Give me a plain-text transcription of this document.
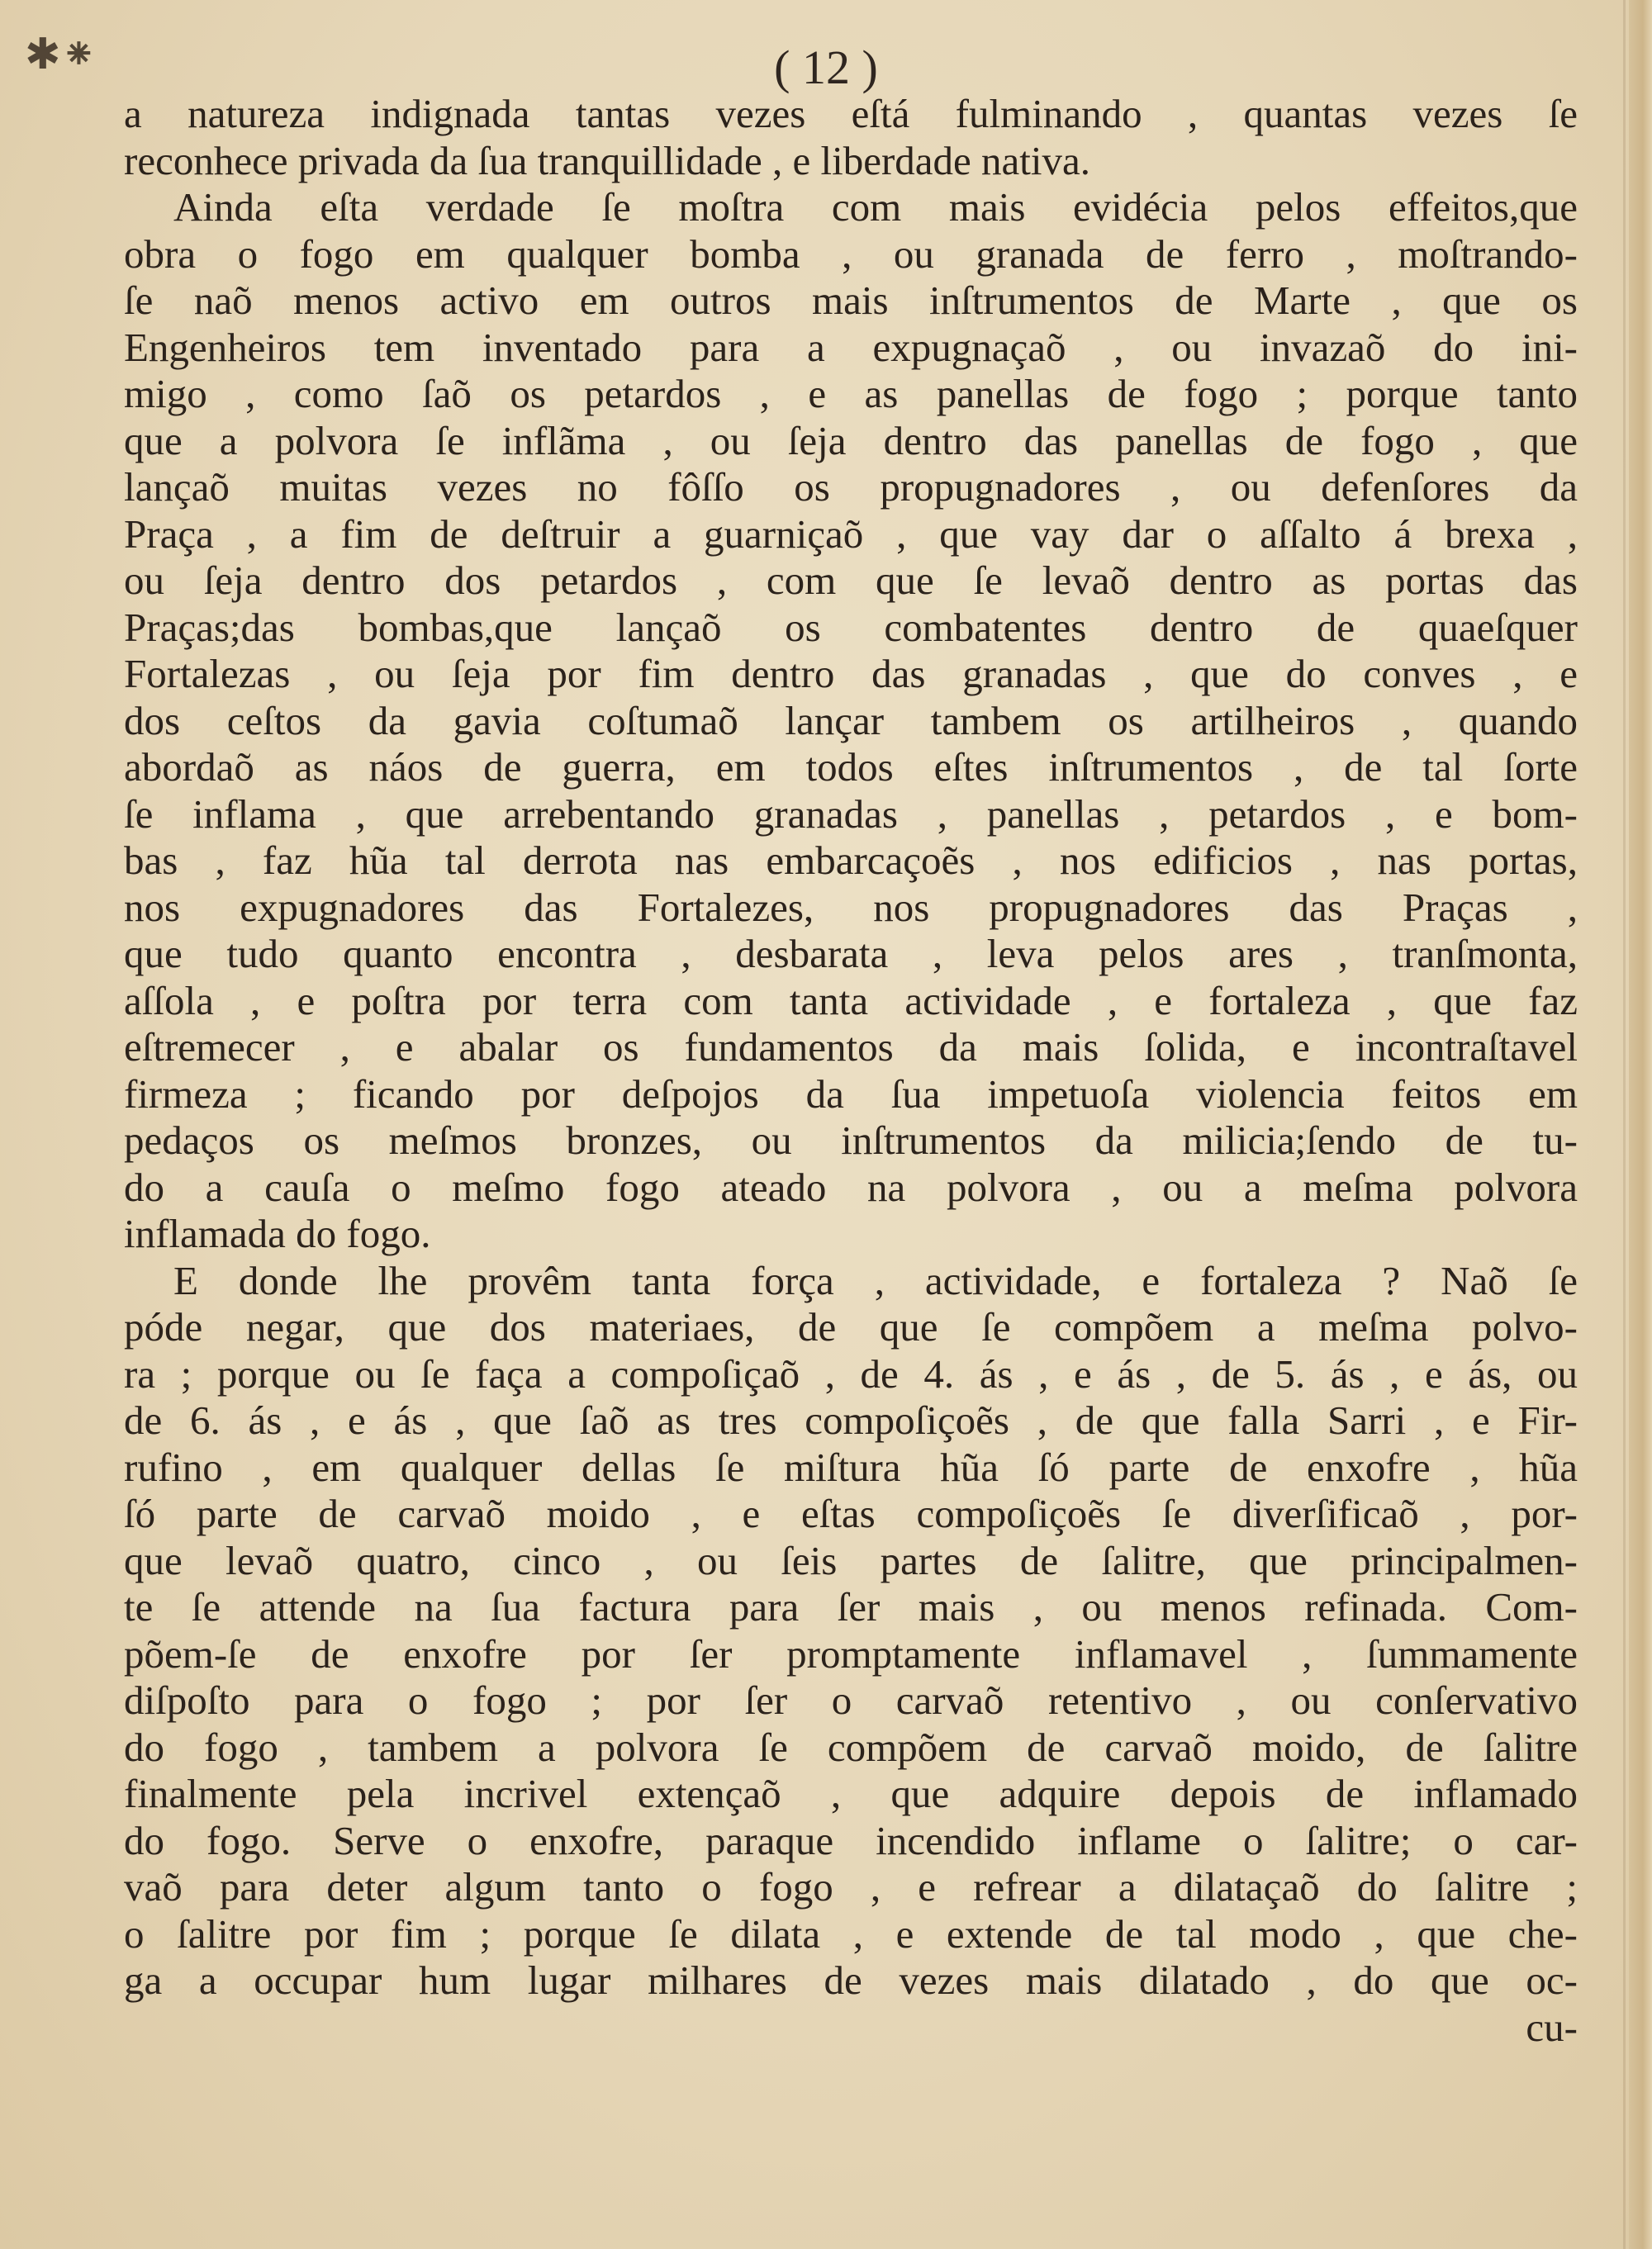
✱⁕	( 12 )
a natureza indignada tantas vezes eſtá fulminando , quantas vezes ſe
reconhece privada da ſua tranquillidade , e liberdade nativa.
Ainda eſta verdade ſe moſtra com mais evidécia pelos effeitos,que
obra o fogo em qualquer bomba , ou granada de ferro , moſtrando-
ſe naõ menos activo em outros mais inſtrumentos de Marte , que os
Engenheiros tem inventado para a expugnaçaõ , ou invazaõ do ini-
migo , como ſaõ os petardos , e as panellas de fogo ; porque tanto
que a polvora ſe inflãma , ou ſeja dentro das panellas de fogo , que
lançaõ muitas vezes no fôſſo os propugnadores , ou defenſores da
Praça , a fim de deſtruir a guarniçaõ , que vay dar o aſſalto á brexa ,
ou ſeja dentro dos petardos , com que ſe levaõ dentro as portas das
Praças;das bombas,que lançaõ os combatentes dentro de quaeſquer
Fortalezas , ou ſeja por fim dentro das granadas , que do conves , e
dos ceſtos da gavia coſtumaõ lançar tambem os artilheiros , quando
abordaõ as náos de guerra, em todos eſtes inſtrumentos , de tal ſorte
ſe inflama , que arrebentando granadas , panellas , petardos , e bom-
bas , faz hũa tal derrota nas embarcaçoẽs , nos edificios , nas portas,
nos expugnadores das Fortalezes, nos propugnadores das Praças ,
que tudo quanto encontra , desbarata , leva pelos ares , tranſmonta,
aſſola , e poſtra por terra com tanta actividade , e fortaleza , que faz
eſtremecer , e abalar os fundamentos da mais ſolida, e incontraſtavel
firmeza ; ficando por deſpojos da ſua impetuoſa violencia feitos em
pedaços os meſmos bronzes, ou inſtrumentos da milicia;ſendo de tu-
do a cauſa o meſmo fogo ateado na polvora , ou a meſma polvora
inflamada do fogo.
E donde lhe provêm tanta força , actividade, e fortaleza ? Naõ ſe
póde negar, que dos materiaes, de que ſe compõem a meſma polvo-
ra ; porque ou ſe faça a compoſiçaõ , de 4. ás , e ás , de 5. ás , e ás, ou
de 6. ás , e ás , que ſaõ as tres compoſiçoẽs , de que falla Sarri , e Fir-
rufino , em qualquer dellas ſe miſtura hũa ſó parte de enxofre , hũa
ſó parte de carvaõ moido , e eſtas compoſiçoẽs ſe diverſificaõ , por-
que levaõ quatro, cinco , ou ſeis partes de ſalitre, que principalmen-
te ſe attende na ſua factura para ſer mais , ou menos refinada. Com-
põem-ſe de enxofre por ſer promptamente inflamavel , ſummamente
diſpoſto para o fogo ; por ſer o carvaõ retentivo , ou conſervativo
do fogo , tambem a polvora ſe compõem de carvaõ moido, de ſalitre
finalmente pela incrivel extençaõ , que adquire depois de inflamado
do fogo. Serve o enxofre, paraque incendido inflame o ſalitre; o car-
vaõ para deter algum tanto o fogo , e refrear a dilataçaõ do ſalitre ;
o ſalitre por fim ; porque ſe dilata , e extende de tal modo , que che-
ga a occupar hum lugar milhares de vezes mais dilatado , do que oc-
cu-
